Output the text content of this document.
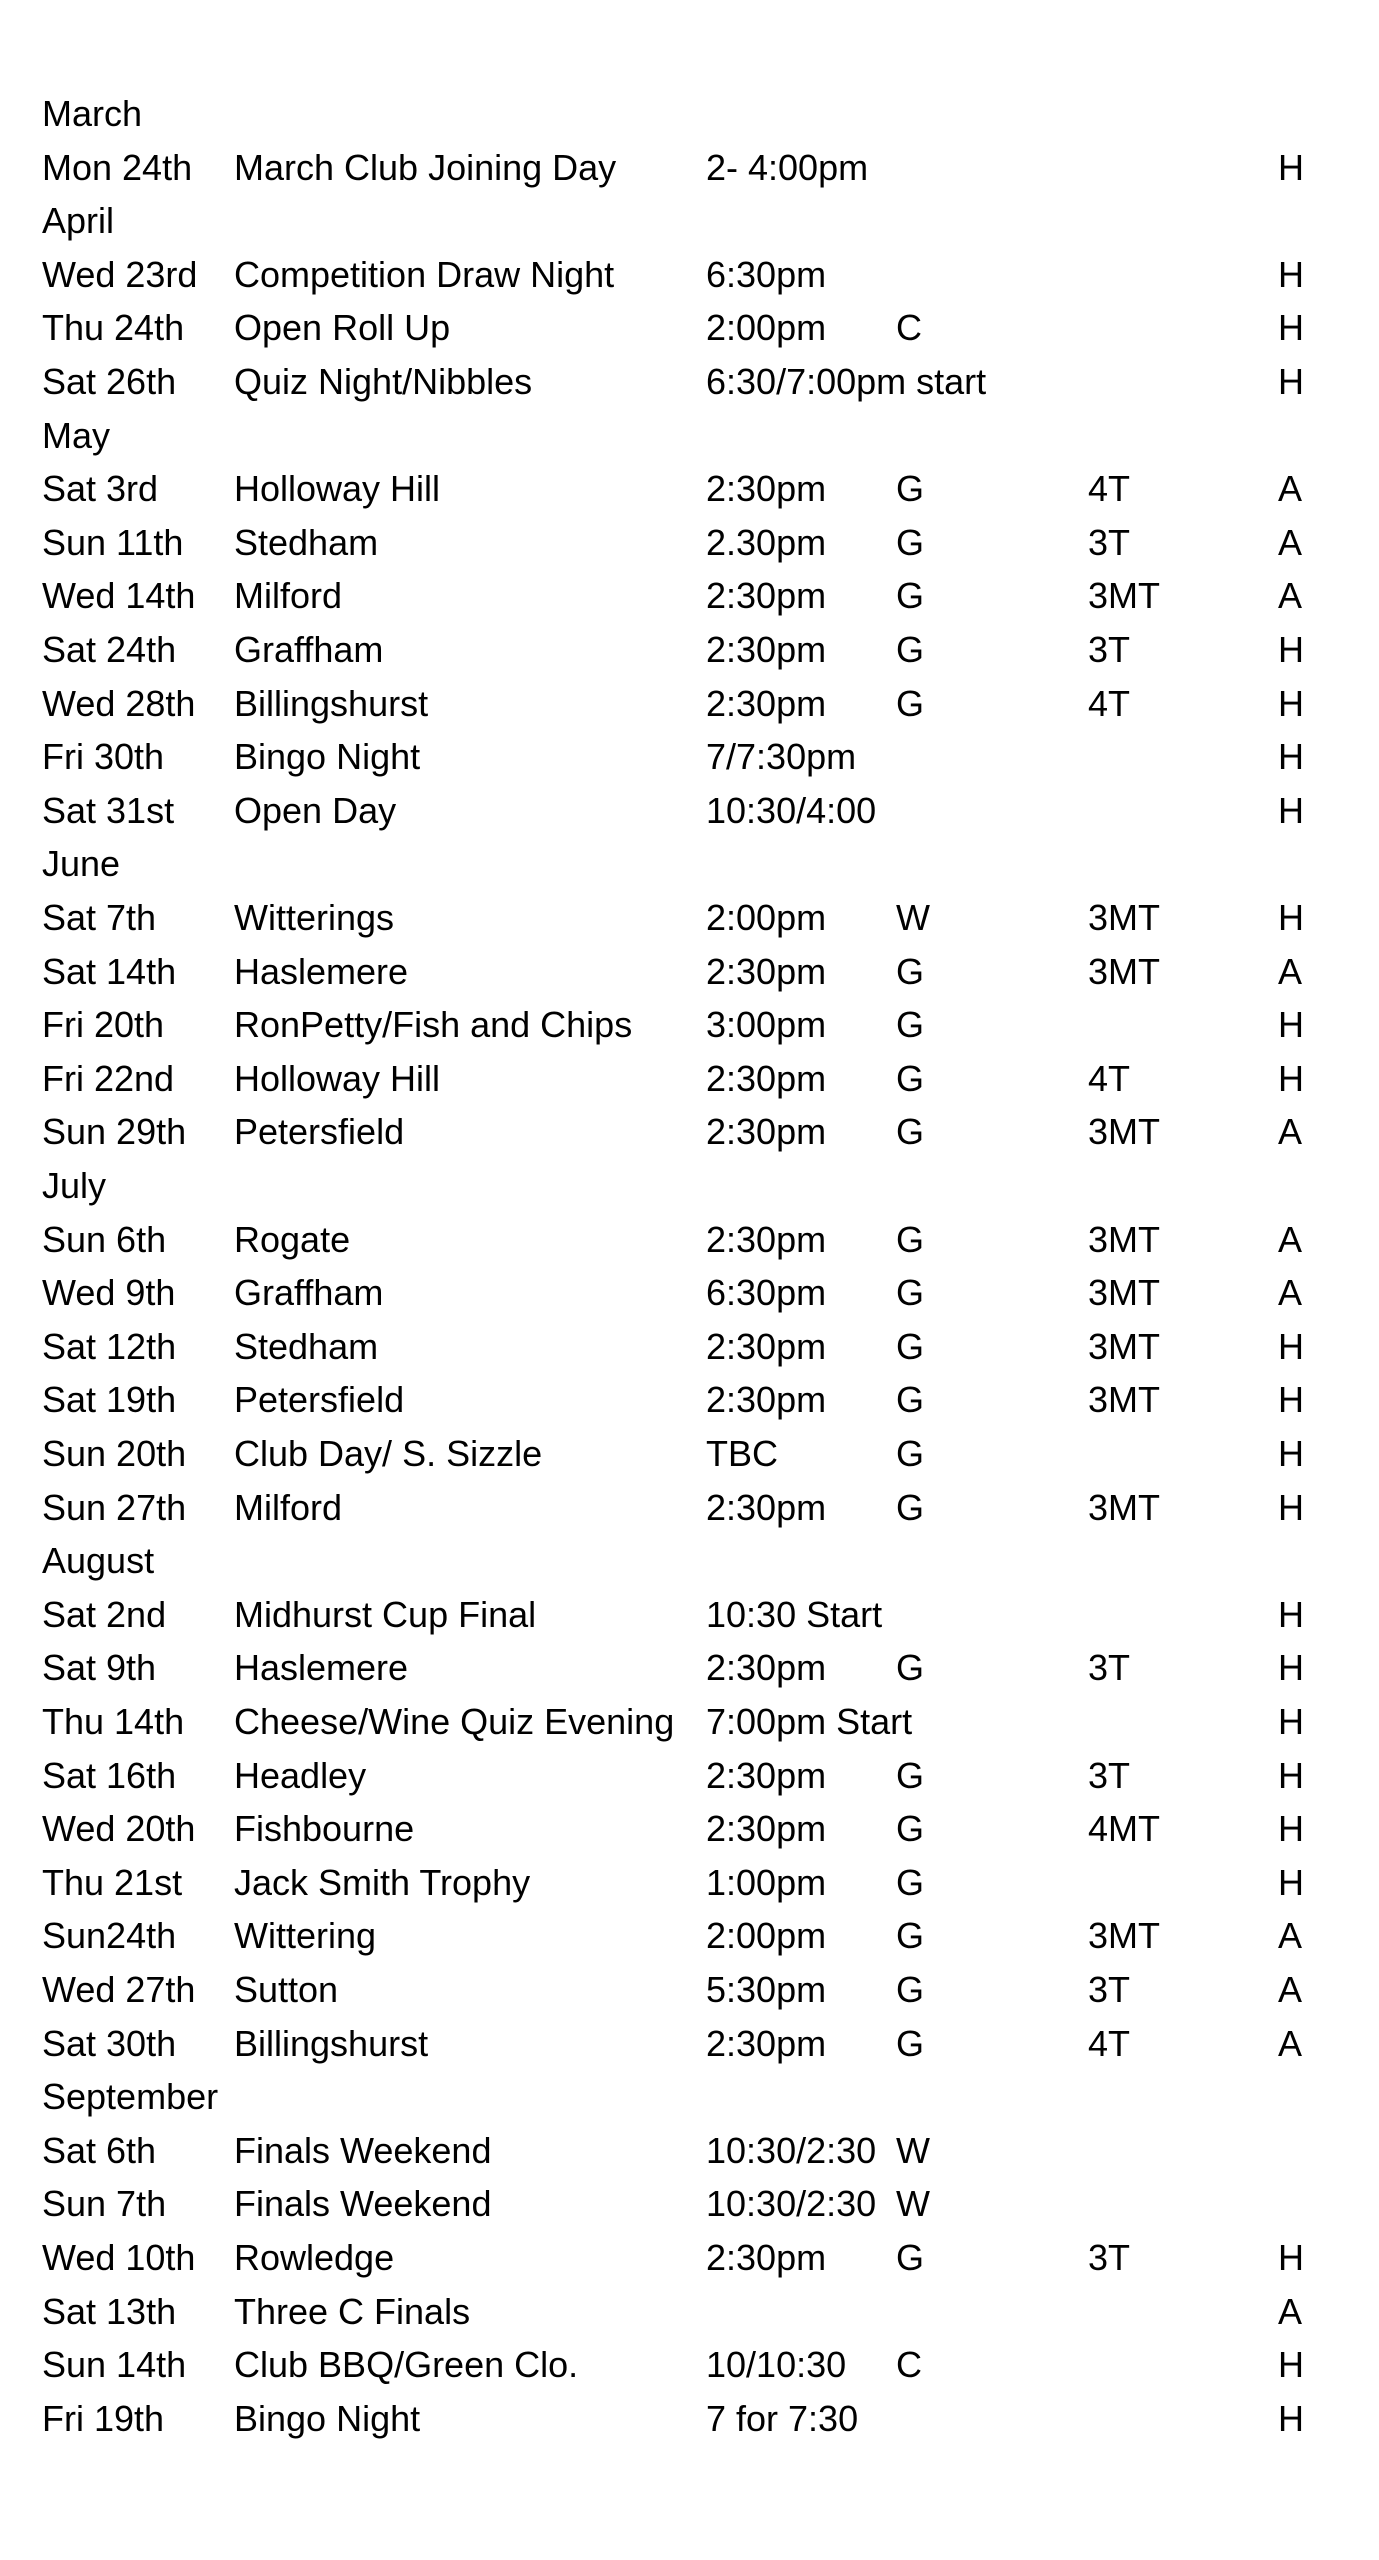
March
Mon 24th March Club Joining Day 2- 4:00pm	H
April
Wed 23rd Competition Draw Night	6:30pm	H
Thu 24th Open Roll Up	2:00pm C	H
Sat 26th Quiz Night/Nibbles	6:30/7:00pm start	H
May
Sat 3rd Holloway Hill	2:30pm G	4T	A
Sun 11th Stedham	2.30pm G	3T	A
Wed 14th Milford	2:30pm G	3MT	A
Sat 24th Graffham	2:30pm G	3T	H
Wed 28th Billingshurst	2:30pm G	4T	H
Fri 30th Bingo Night	7/7:30pm	H
Sat 31st Open Day	10:30/4:00	H
June
Sat 7th Witterings	2:00pm W	3MT	H
Sat 14th Haslemere	2:30pm G	3MT	A
Fri 20th RonPetty/Fish and Chips 3:00pm G	H
Fri 22nd Holloway Hill	2:30pm G	4T	H
Sun 29th Petersfield	2:30pm G	3MT	A
July
Sun 6th Rogate	2:30pm G	3MT	A
Wed 9th Graffham	6:30pm G	3MT	A
Sat 12th Stedham	2:30pm G	3MT	H
Sat 19th Petersfield	2:30pm G	3MT	H
Sun 20th Club Day/ S. Sizzle	TBC	G	H
Sun 27th Milford	2:30pm G	3MT	H
August
Sat 2nd Midhurst Cup Final	10:30 Start	H
Sat 9th Haslemere	2:30pm G	3T	H
Thu 14th Cheese/Wine Quiz Evening 7:00pm Start	H
Sat 16th Headley	2:30pm G	3T	H
Wed 20th Fishbourne	2:30pm G	4MT	H
Thu 21st Jack Smith Trophy	1:00pm G	H
Sun24th Wittering	2:00pm G	3MT	A
Wed 27th Sutton	5:30pm G	3T	A
Sat 30th Billingshurst	2:30pm G	4T	A
September
Sat 6th Finals Weekend	10:30/2:30 W
Sun 7th Finals Weekend	10:30/2:30 W
Wed 10th Rowledge	2:30pm G	3T	H
Sat 13th Three C Finals	A
Sun 14th Club BBQ/Green Clo.	10/10:30 C	H
Fri 19th Bingo Night	7 for 7:30	H
